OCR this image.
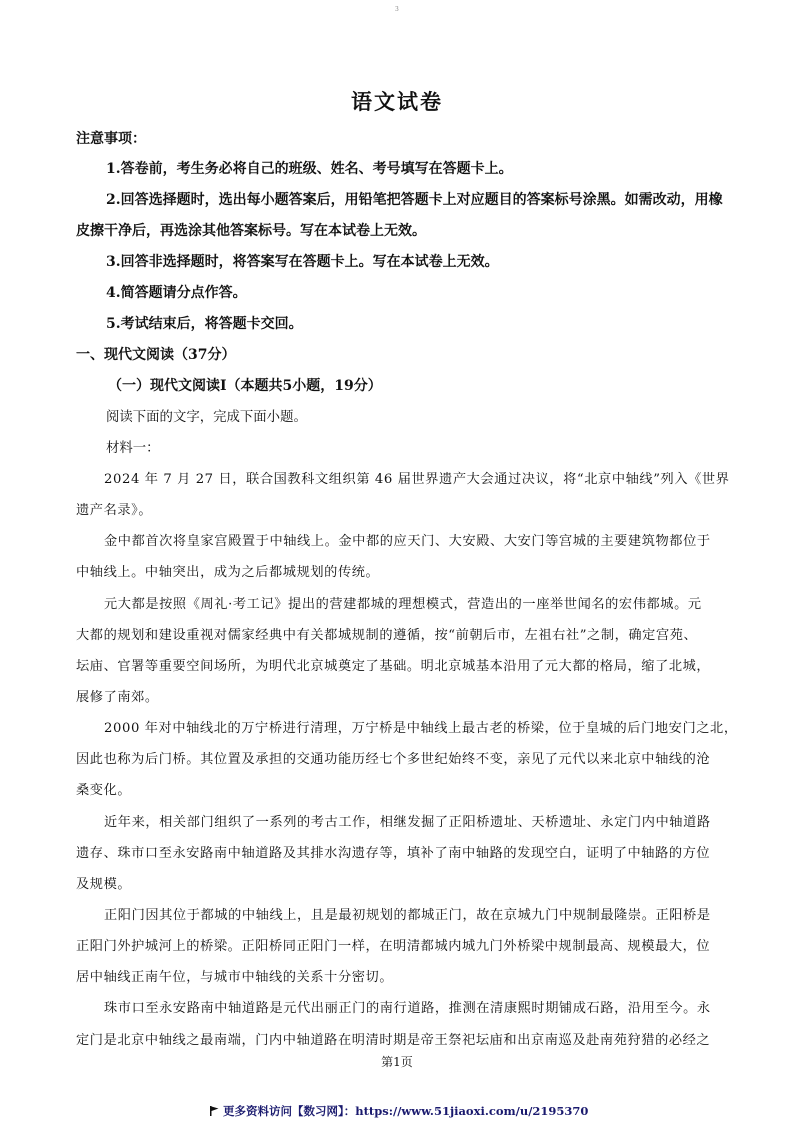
3
语文试卷
注意事项：
1.答卷前，考生务必将自己的班级、姓名、考号填写在答题卡上。
2.回答选择题时，选出每小题答案后，用铅笔把答题卡上对应题目的答案标号涂黑。如需改动，用橡
皮擦干净后，再选涂其他答案标号。写在本试卷上无效。
3.回答非选择题时，将答案写在答题卡上。写在本试卷上无效。
4.简答题请分点作答。
5.考试结束后，将答题卡交回。
一、现代文阅读（37分）
（一）现代文阅读Ⅰ（本题共5小题，19分）
阅读下面的文字，完成下面小题。
材料一：
2024 年 7 月 27 日，联合国教科文组织第 46 届世界遗产大会通过决议，将“北京中轴线”列入《世界
遗产名录》。
金中都首次将皇家宫殿置于中轴线上。金中都的应天门、大安殿、大安门等宫城的主要建筑物都位于
中轴线上。中轴突出，成为之后都城规划的传统。
元大都是按照《周礼·考工记》提出的营建都城的理想模式，营造出的一座举世闻名的宏伟都城。元
大都的规划和建设重视对儒家经典中有关都城规制的遵循，按“前朝后市，左祖右社”之制，确定宫苑、
坛庙、官署等重要空间场所，为明代北京城奠定了基础。明北京城基本沿用了元大都的格局，缩了北城，
展修了南郊。
2000 年对中轴线北的万宁桥进行清理，万宁桥是中轴线上最古老的桥梁，位于皇城的后门地安门之北，
因此也称为后门桥。其位置及承担的交通功能历经七个多世纪始终不变，亲见了元代以来北京中轴线的沧
桑变化。
近年来，相关部门组织了一系列的考古工作，相继发掘了正阳桥遗址、天桥遗址、永定门内中轴道路
遗存、珠市口至永安路南中轴道路及其排水沟遗存等，填补了南中轴路的发现空白，证明了中轴路的方位
及规模。
正阳门因其位于都城的中轴线上，且是最初规划的都城正门，故在京城九门中规制最隆崇。正阳桥是
正阳门外护城河上的桥梁。正阳桥同正阳门一样，在明清都城内城九门外桥梁中规制最高、规模最大，位
居中轴线正南午位，与城市中轴线的关系十分密切。
珠市口至永安路南中轴道路是元代出丽正门的南行道路，推测在清康熙时期铺成石路，沿用至今。永
定门是北京中轴线之最南端，门内中轴道路在明清时期是帝王祭祀坛庙和出京南巡及赴南苑狩猎的必经之
第1页
更多资料访问【数习网】：https://www.51jiaoxi.com/u/2195370
